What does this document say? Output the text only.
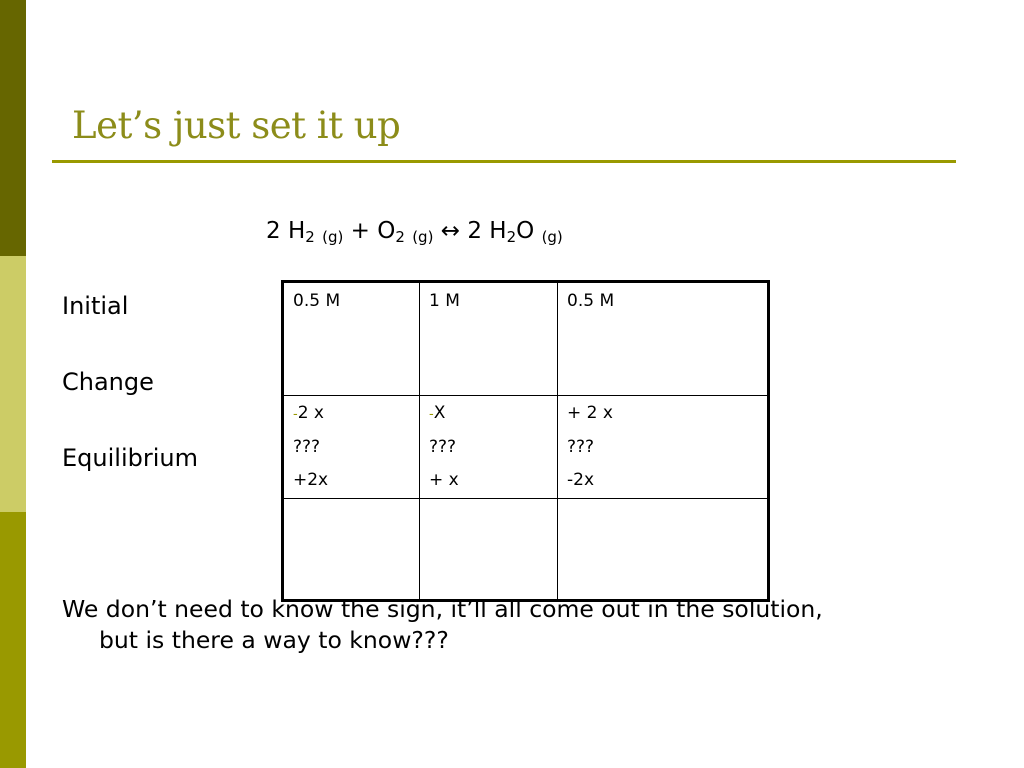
Let’s just set it up
2 $H_2$ $_{(g)} + O_2$ $_{(g)}$ ↔ 2 $H_2O$ $_{(g)}$
Initial
Change
Equilibrium
0.5 M	1 M	0.5 M
-2 x
???
+2x
-X
???
+ x
+ 2 x
???
-2x
We don’t need to know the sign, it’ll all come out in the solution,
but is there a way to know???
